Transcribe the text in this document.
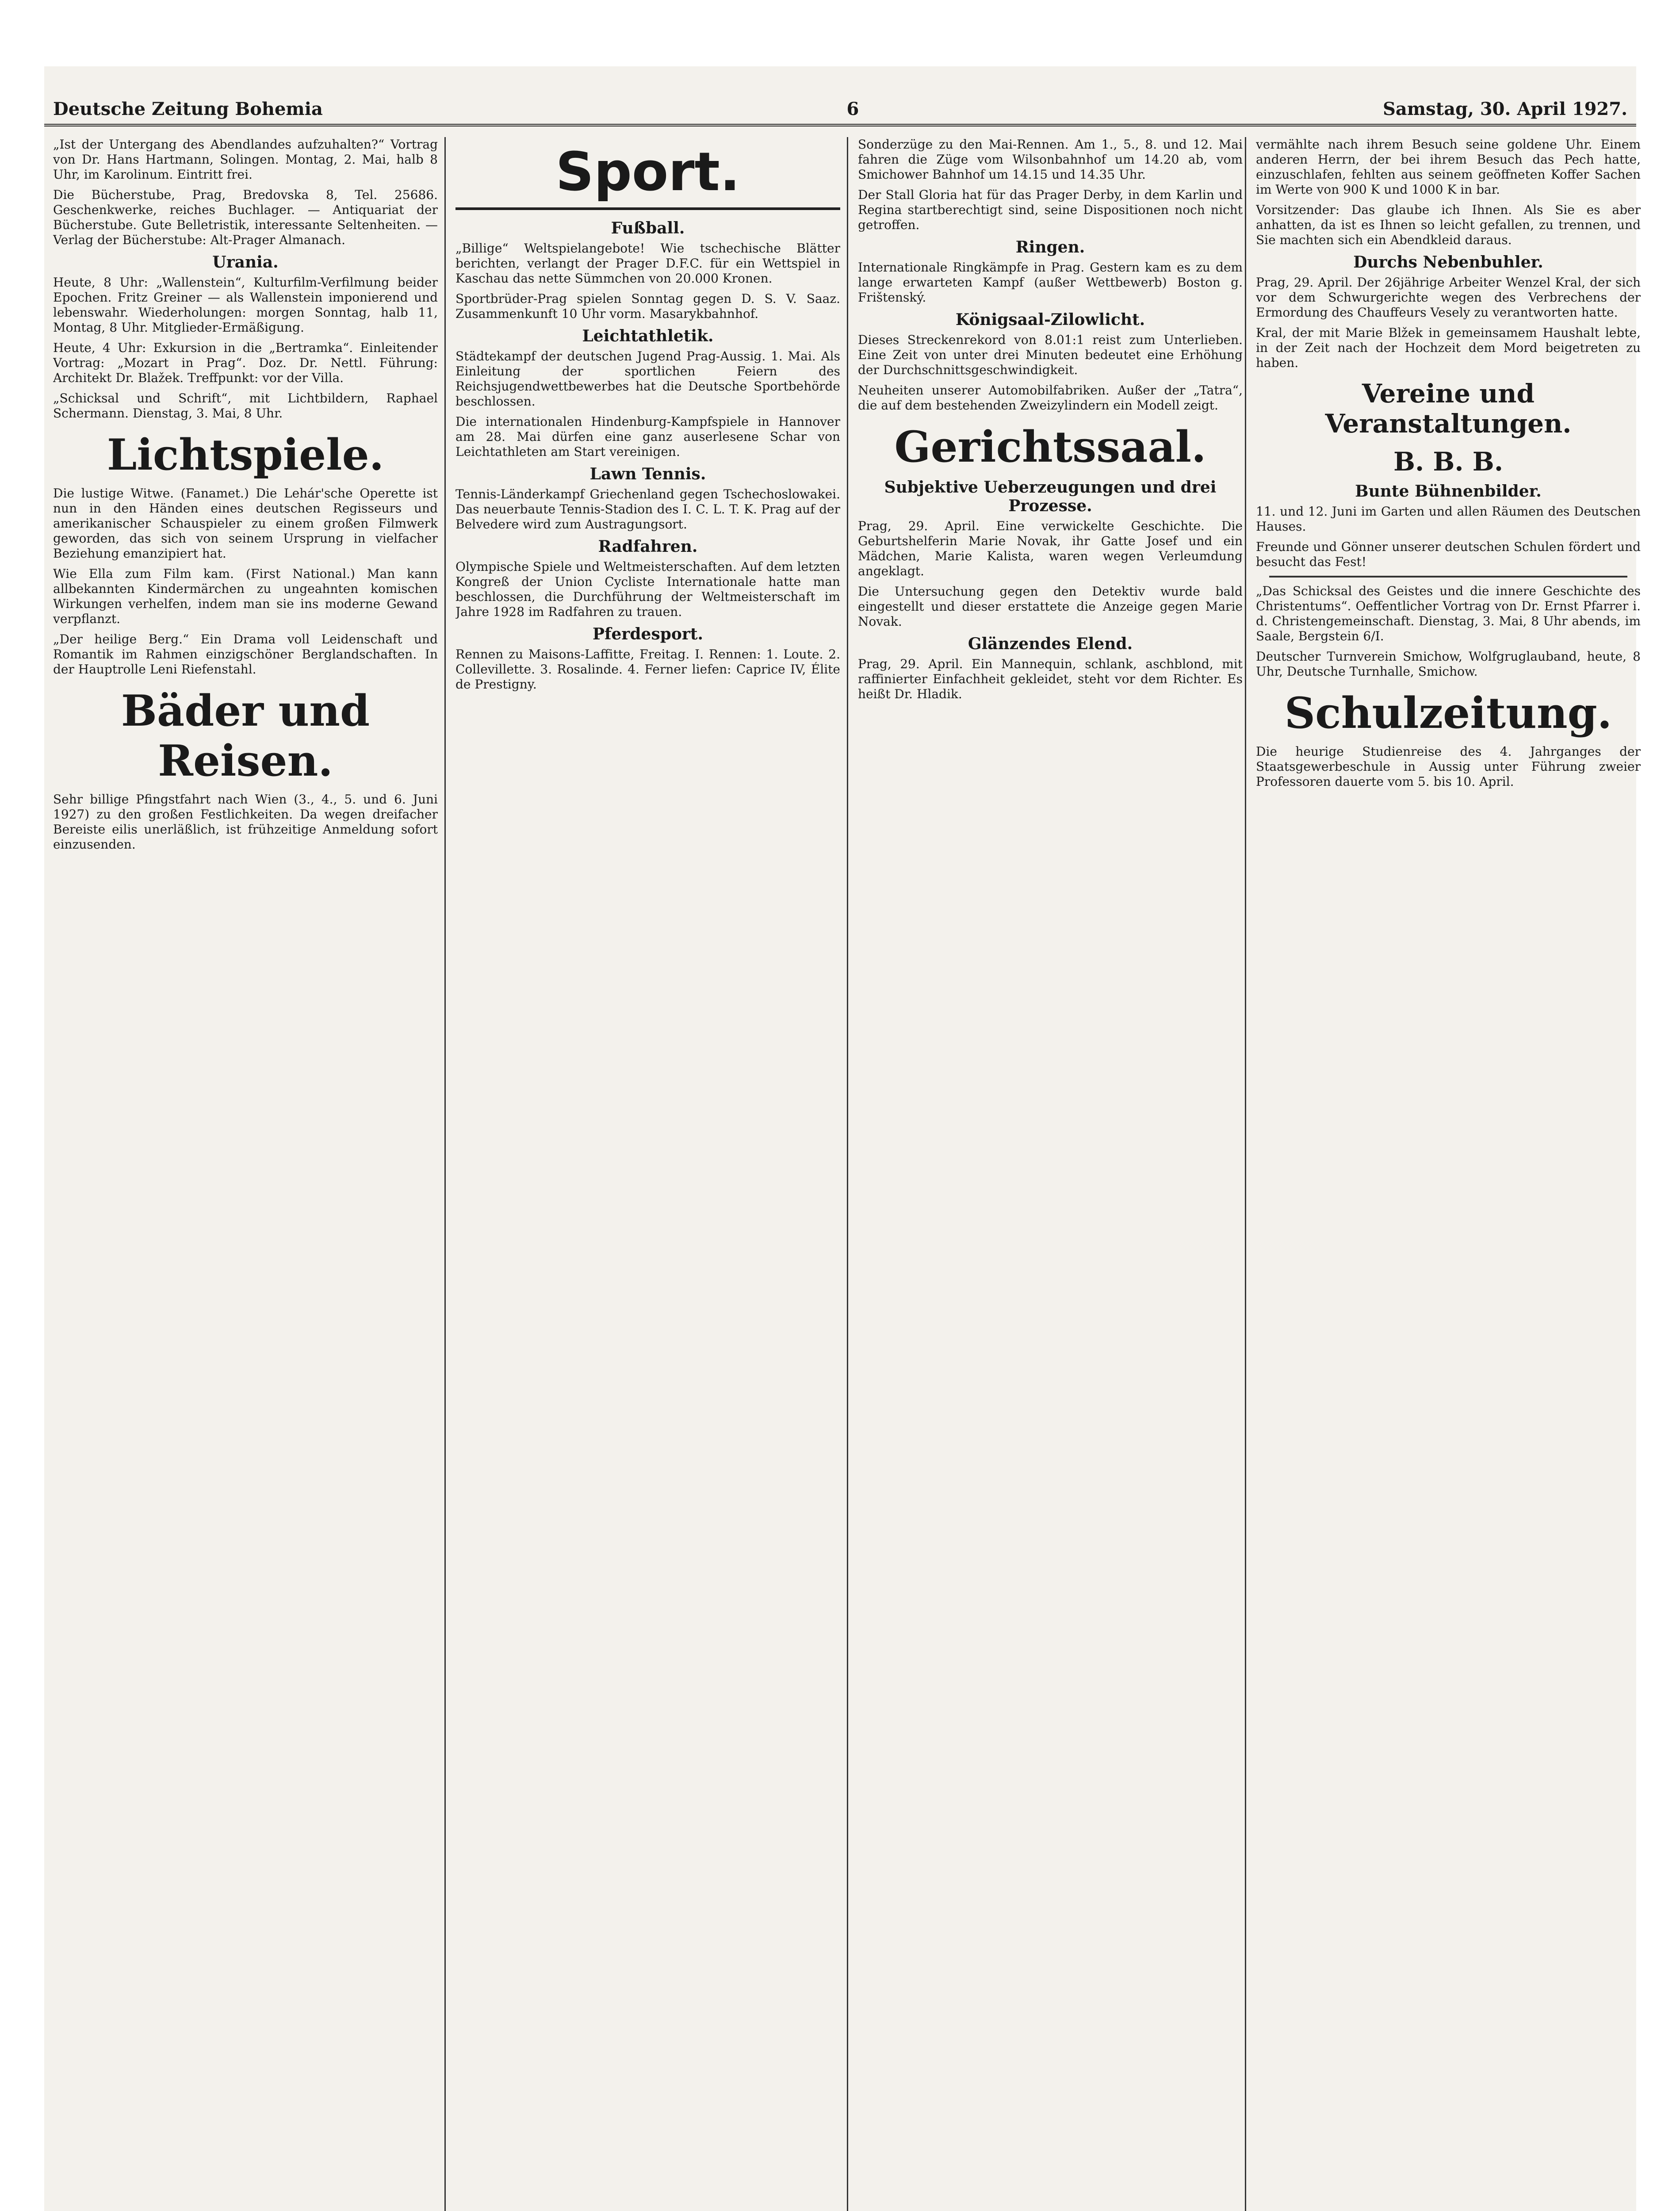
Deutsche Zeitung Bohemia	6	Samstag, 30. April 1927.

„Ist der Untergang des Abendlandes aufzuhalten?“ Vortrag von Dr. Hans Hartmann, Solingen. Montag, 2. Mai, halb 8 Uhr, im Karolinum. Eintritt frei.

Die Bücherstube, Prag, Bredovska 8, Tel. 25686. Geschenkwerke, reiches Buchlager. — Antiquariat der Bücherstube. Gute Belletristik, interessante Seltenheiten. — Verlag der Bücherstube: Alt-Prager Almanach.

Urania.

Heute, 8 Uhr: „Wallenstein“, Kulturfilm-Verfilmung beider Epochen. Fritz Greiner — als Wallenstein imponierend und lebenswahr. Wiederholungen: morgen Sonntag, halb 11, Montag, 8 Uhr. Mitglieder-Ermäßigung.

Heute, 4 Uhr: Exkursion in die „Bertramka“. Einleitender Vortrag: „Mozart in Prag“. Doz. Dr. Nettl. Führung: Architekt Dr. Blažek. Treffpunkt: vor der Villa.

„Schicksal und Schrift“, mit Lichtbildern, Raphael Schermann. Dienstag, 3. Mai, 8 Uhr.

Lichtspiele.

Die lustige Witwe. (Fanamet.) Die Lehár'sche Operette ist nun in den Händen eines deutschen Regisseurs und amerikanischer Schauspieler zu einem großen Filmwerk geworden, das sich von seinem Ursprung in vielfacher Beziehung emanzipiert hat.

Wie Ella zum Film kam. (First National.) Man kann allbekannten Kindermärchen zu ungeahnten komischen Wirkungen verhelfen, indem man sie ins moderne Gewand verpflanzt.

„Der heilige Berg.“ Ein Drama voll Leidenschaft und Romantik im Rahmen einzigschöner Berglandschaften. In der Hauptrolle Leni Riefenstahl.

Bäder und Reisen.

Sehr billige Pfingstfahrt nach Wien (3., 4., 5. und 6. Juni 1927) zu den großen Festlichkeiten. Da wegen dreifacher Bereiste eilis unerläßlich, ist frühzeitige Anmeldung sofort einzusenden.

Sport.
Fußball.

„Billige“ Weltspielangebote! Wie tschechische Blätter berichten, verlangt der Prager D.F.C. für ein Wettspiel in Kaschau das nette Sümmchen von 20.000 Kronen.

Sportbrüder-Prag spielen Sonntag gegen D. S. V. Saaz. Zusammenkunft 10 Uhr vorm. Masarykbahnhof.

Leichtathletik.

Städtekampf der deutschen Jugend Prag-Aussig. 1. Mai. Als Einleitung der sportlichen Feiern des Reichsjugendwettbewerbes hat die Deutsche Sportbehörde beschlossen.

Die internationalen Hindenburg-Kampfspiele in Hannover am 28. Mai dürfen eine ganz auserlesene Schar von Leichtathleten am Start vereinigen.

Lawn Tennis.

Tennis-Länderkampf Griechenland gegen Tschechoslowakei. Das neuerbaute Tennis-Stadion des I. C. L. T. K. Prag auf der Belvedere wird zum Austragungsort.

Radfahren.

Olympische Spiele und Weltmeisterschaften. Auf dem letzten Kongreß der Union Cycliste Internationale hatte man beschlossen, die Durchführung der Weltmeisterschaft im Jahre 1928 im Radfahren zu trauen.

Pferdesport.

Rennen zu Maisons-Laffitte, Freitag. I. Rennen: 1. Loute. 2. Collevillette. 3. Rosalinde. 4. Ferner liefen: Caprice IV, Élite de Prestigny.

Sonderzüge zu den Mai-Rennen. Am 1., 5., 8. und 12. Mai fahren die Züge vom Wilsonbahnhof um 14.20 ab, vom Smichower Bahnhof um 14.15 und 14.35 Uhr.

Der Stall Gloria hat für das Prager Derby, in dem Karlin und Regina startberechtigt sind, seine Dispositionen noch nicht getroffen.

Ringen.

Internationale Ringkämpfe in Prag. Gestern kam es zu dem lange erwarteten Kampf (außer Wettbewerb) Boston g. Frištenský.

Königsaal-Zilowlicht.

Dieses Streckenrekord von 8.01:1 reist zum Unterlieben. Eine Zeit von unter drei Minuten bedeutet eine Erhöhung der Durchschnittsgeschwindigkeit.

Neuheiten unserer Automobilfabriken. Außer der „Tatra“, die auf dem bestehenden Zweizylindern ein Modell zeigt.

Gerichtssaal.
Subjektive Ueberzeugungen und drei Prozesse.

Prag, 29. April. Eine verwickelte Geschichte. Die Geburtshelferin Marie Novak, ihr Gatte Josef und ein Mädchen, Marie Kalista, waren wegen Verleumdung angeklagt.

Die Untersuchung gegen den Detektiv wurde bald eingestellt und dieser erstattete die Anzeige gegen Marie Novak.

Glänzendes Elend.

Prag, 29. April. Ein Mannequin, schlank, aschblond, mit raffinierter Einfachheit gekleidet, steht vor dem Richter. Es heißt Dr. Hladik.

vermählte nach ihrem Besuch seine goldene Uhr. Einem anderen Herrn, der bei ihrem Besuch das Pech hatte, einzuschlafen, fehlten aus seinem geöffneten Koffer Sachen im Werte von 900 K und 1000 K in bar.

Vorsitzender: Das glaube ich Ihnen. Als Sie es aber anhatten, da ist es Ihnen so leicht gefallen, zu trennen, und Sie machten sich ein Abendkleid daraus.

Durchs Nebenbuhler.

Prag, 29. April. Der 26jährige Arbeiter Wenzel Kral, der sich vor dem Schwurgerichte wegen des Verbrechens der Ermordung des Chauffeurs Vesely zu verantworten hatte.

Kral, der mit Marie Blžek in gemeinsamem Haushalt lebte, in der Zeit nach der Hochzeit dem Mord beigetreten zu haben.

Vereine und Veranstaltungen.
B. B. B.
Bunte Bühnenbilder.

11. und 12. Juni im Garten und allen Räumen des Deutschen Hauses.

Freunde und Gönner unserer deutschen Schulen fördert und besucht das Fest!

„Das Schicksal des Geistes und die innere Geschichte des Christentums“. Oeffentlicher Vortrag von Dr. Ernst Pfarrer i. d. Christengemeinschaft. Dienstag, 3. Mai, 8 Uhr abends, im Saale, Bergstein 6/I.

Deutscher Turnverein Smichow, Wolfgruglauband, heute, 8 Uhr, Deutsche Turnhalle, Smichow.

Schulzeitung.

Die heurige Studienreise des 4. Jahrganges der Staatsgewerbeschule in Aussig unter Führung zweier Professoren dauerte vom 5. bis 10. April.
